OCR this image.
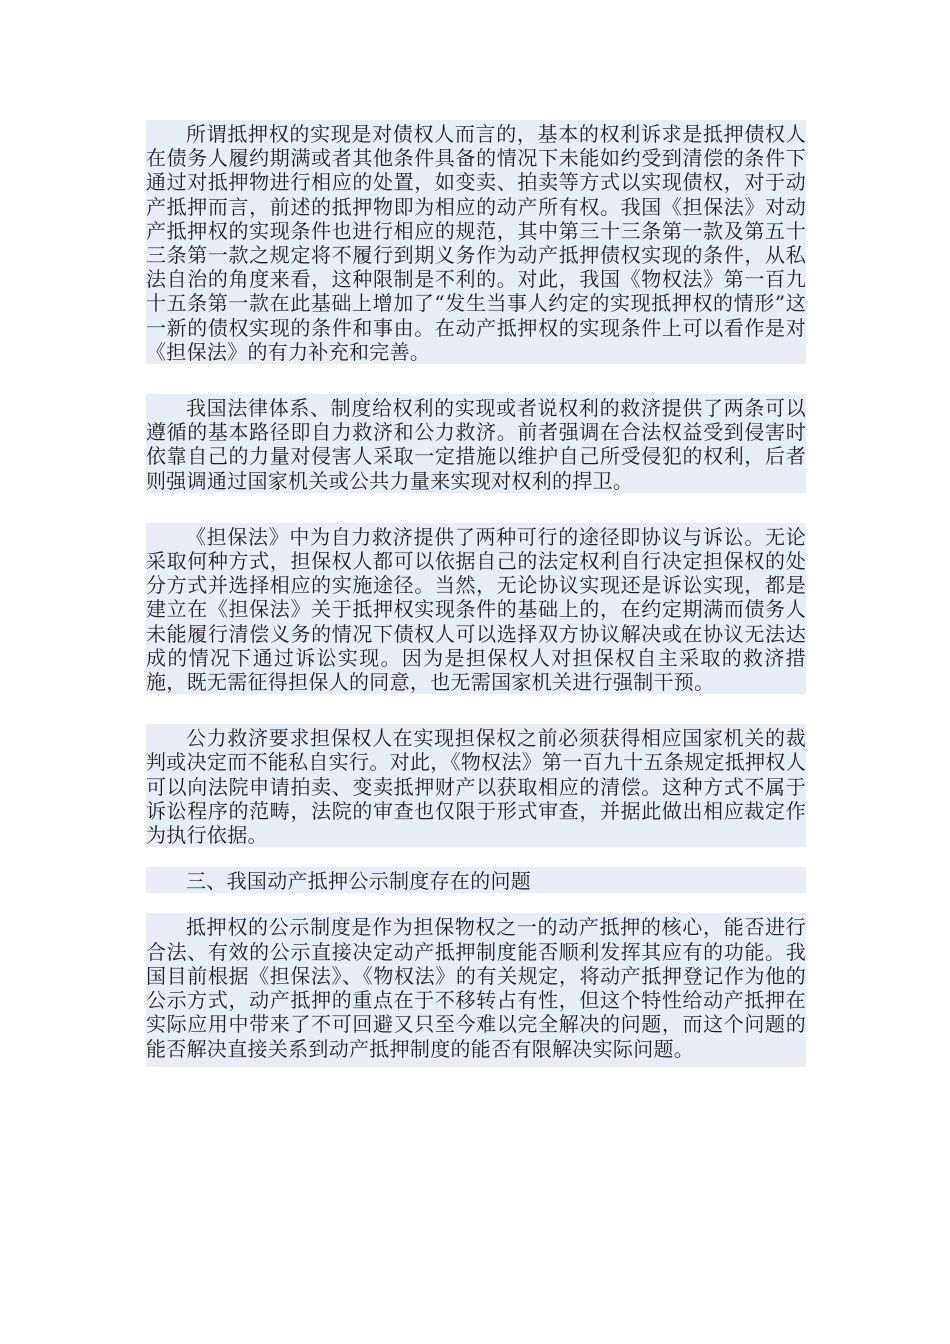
所谓抵押权的实现是对债权人而言的，基本的权利诉求是抵押债权人在债务人履约期满或者其他条件具备的情况下未能如约受到清偿的条件下通过对抵押物进行相应的处置，如变卖、拍卖等方式以实现债权，对于动产抵押而言，前述的抵押物即为相应的动产所有权。我国《担保法》对动产抵押权的实现条件也进行相应的规范，其中第三十三条第一款及第五十三条第一款之规定将不履行到期义务作为动产抵押债权实现的条件，从私法自治的角度来看，这种限制是不利的。对此，我国《物权法》第一百九十五条第一款在此基础上增加了“发生当事人约定的实现抵押权的情形”这一新的债权实现的条件和事由。在动产抵押权的实现条件上可以看作是对《担保法》的有力补充和完善。

我国法律体系、制度给权利的实现或者说权利的救济提供了两条可以遵循的基本路径即自力救济和公力救济。前者强调在合法权益受到侵害时依靠自己的力量对侵害人采取一定措施以维护自己所受侵犯的权利，后者则强调通过国家机关或公共力量来实现对权利的捍卫。

《担保法》中为自力救济提供了两种可行的途径即协议与诉讼。无论采取何种方式，担保权人都可以依据自己的法定权利自行决定担保权的处分方式并选择相应的实施途径。当然，无论协议实现还是诉讼实现，都是建立在《担保法》关于抵押权实现条件的基础上的，在约定期满而债务人未能履行清偿义务的情况下债权人可以选择双方协议解决或在协议无法达成的情况下通过诉讼实现。因为是担保权人对担保权自主采取的救济措施，既无需征得担保人的同意，也无需国家机关进行强制干预。

公力救济要求担保权人在实现担保权之前必须获得相应国家机关的裁判或决定而不能私自实行。对此，《物权法》第一百九十五条规定抵押权人可以向法院申请拍卖、变卖抵押财产以获取相应的清偿。这种方式不属于诉讼程序的范畴，法院的审查也仅限于形式审查，并据此做出相应裁定作为执行依据。

三、我国动产抵押公示制度存在的问题

抵押权的公示制度是作为担保物权之一的动产抵押的核心，能否进行合法、有效的公示直接决定动产抵押制度能否顺利发挥其应有的功能。我国目前根据《担保法》、《物权法》的有关规定，将动产抵押登记作为他的公示方式，动产抵押的重点在于不移转占有性，但这个特性给动产抵押在实际应用中带来了不可回避又只至今难以完全解决的问题，而这个问题的能否解决直接关系到动产抵押制度的能否有限解决实际问题。
